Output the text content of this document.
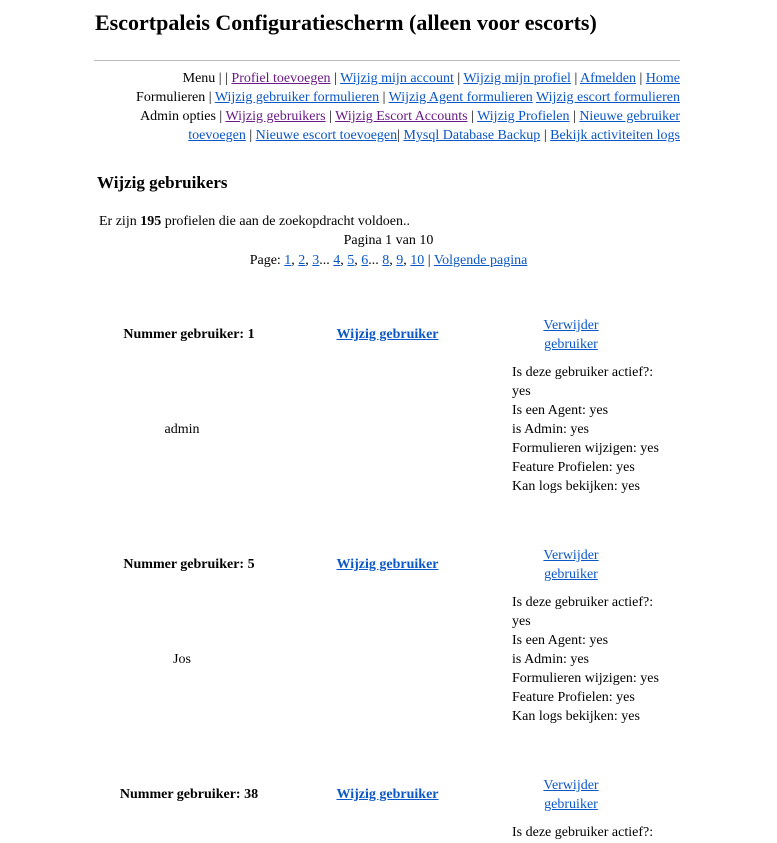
Escortpaleis Configuratiescherm (alleen voor escorts)
Menu | | Profiel toevoegen | Wijzig mijn account | Wijzig mijn profiel | Afmelden | Home
Formulieren | Wijzig gebruiker formulieren | Wijzig Agent formulieren Wijzig escort formulieren
Admin opties | Wijzig gebruikers | Wijzig Escort Accounts | Wijzig Profielen | Nieuwe gebruiker
toevoegen | Nieuwe escort toevoegen| Mysql Database Backup | Bekijk activiteiten logs
Wijzig gebruikers
Er zijn 195 profielen die aan de zoekopdracht voldoen..
Pagina 1 van 10
Page: 1, 2, 3... 4, 5, 6... 8, 9, 10 | Volgende pagina
Nummer gebruiker: 1	Wijzig gebruiker
Verwijder
gebruiker
admin
Is deze gebruiker actief?:
yes
Is een Agent: yes
is Admin: yes
Formulieren wijzigen: yes
Feature Profielen: yes
Kan logs bekijken: yes
Nummer gebruiker: 5	Wijzig gebruiker
Verwijder
gebruiker
Jos
Is deze gebruiker actief?:
yes
Is een Agent: yes
is Admin: yes
Formulieren wijzigen: yes
Feature Profielen: yes
Kan logs bekijken: yes
Nummer gebruiker: 38	Wijzig gebruiker
Verwijder
gebruiker
Is deze gebruiker actief?:
